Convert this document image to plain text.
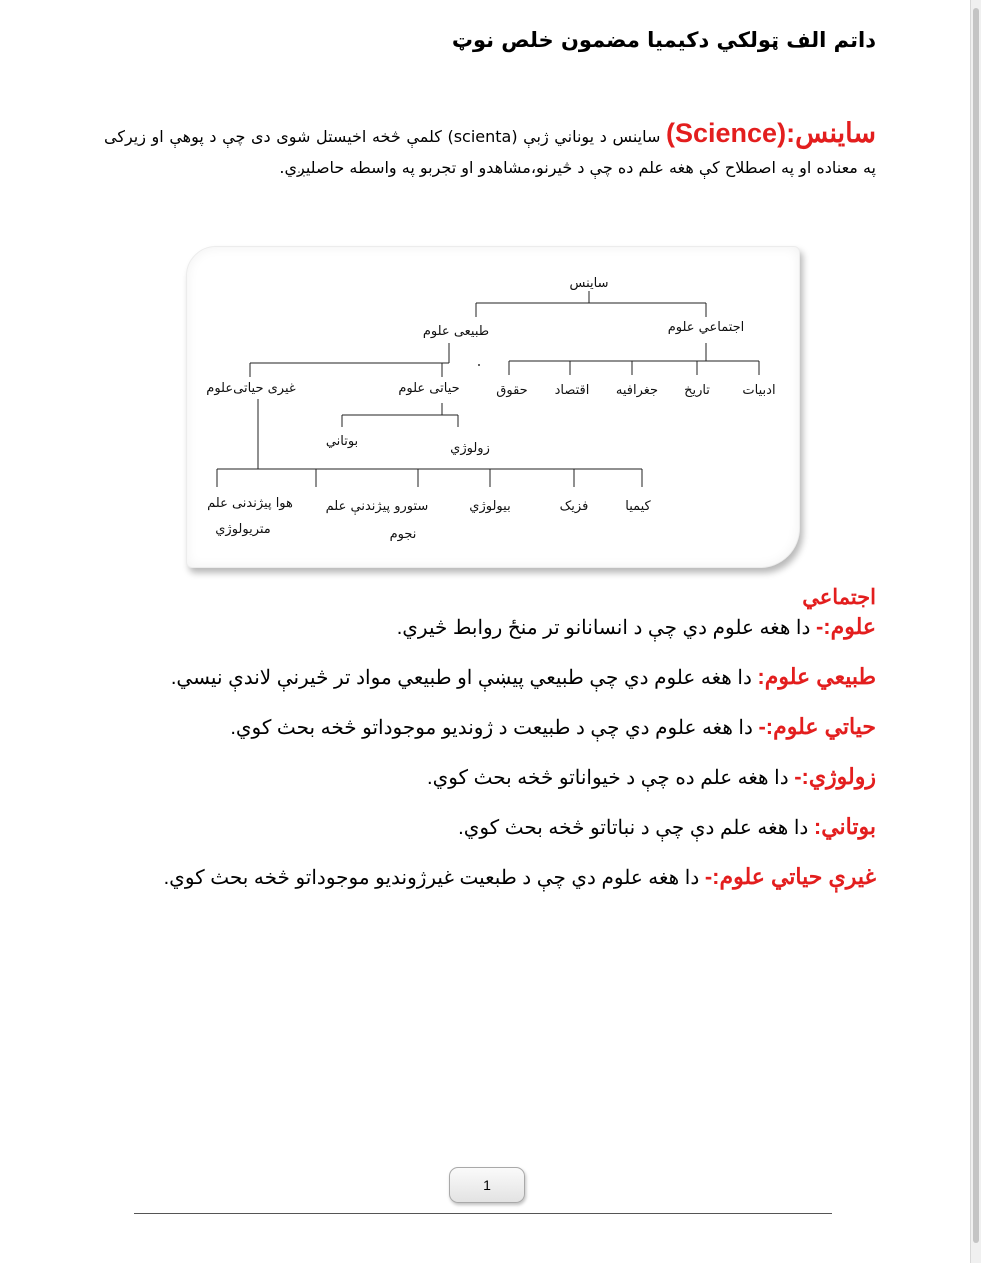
داتم الف ټولکي دکیمیا مضمون خلص نوټ
ساینس(Science): ساینس د یوناني ژبې (scienta) کلمې څخه اخیستل شوی دی چې د پوهې او زیرکی په معناده او په اصطلاح کې هغه علم ده چې د څیرنو،مشاهدو او تجربو په واسطه حاصلیږي.
ساینس
اجتماعي علوم
طبیعی علوم
ادبیات
تاریخ
جغرافیه
اقتصاد
حقوق
حیاتی علوم
غیری حیاتی‌علوم
زولوژي
بوتاني
کیمیا
فزیک
بیولوژي
ستورو پیژندنې علم
نجوم
هوا پیژندنی علم
متریولوژي
اجتماعي
علوم:- دا هغه علوم دي چې د انسانانو تر منځ روابط څیري.
طبیعي علوم: دا هغه علوم دي چې طبیعي پیښې او طبیعي مواد تر څیرنې لاندې نیسي.
حیاتي علوم:- دا هغه علوم دي چې د طبیعت د ژوندیو موجوداتو څخه بحث کوي.
زولوژي:- دا هغه علم ده چې د خیواناتو څخه بحث کوي.
بوتاني: دا هغه علم دې چې د نباتاتو څخه بحث کوي.
غیرې حیاتي علوم:- دا هغه علوم دي چې د طبعیت غیرژوندیو موجوداتو څخه بحث کوي.
1
